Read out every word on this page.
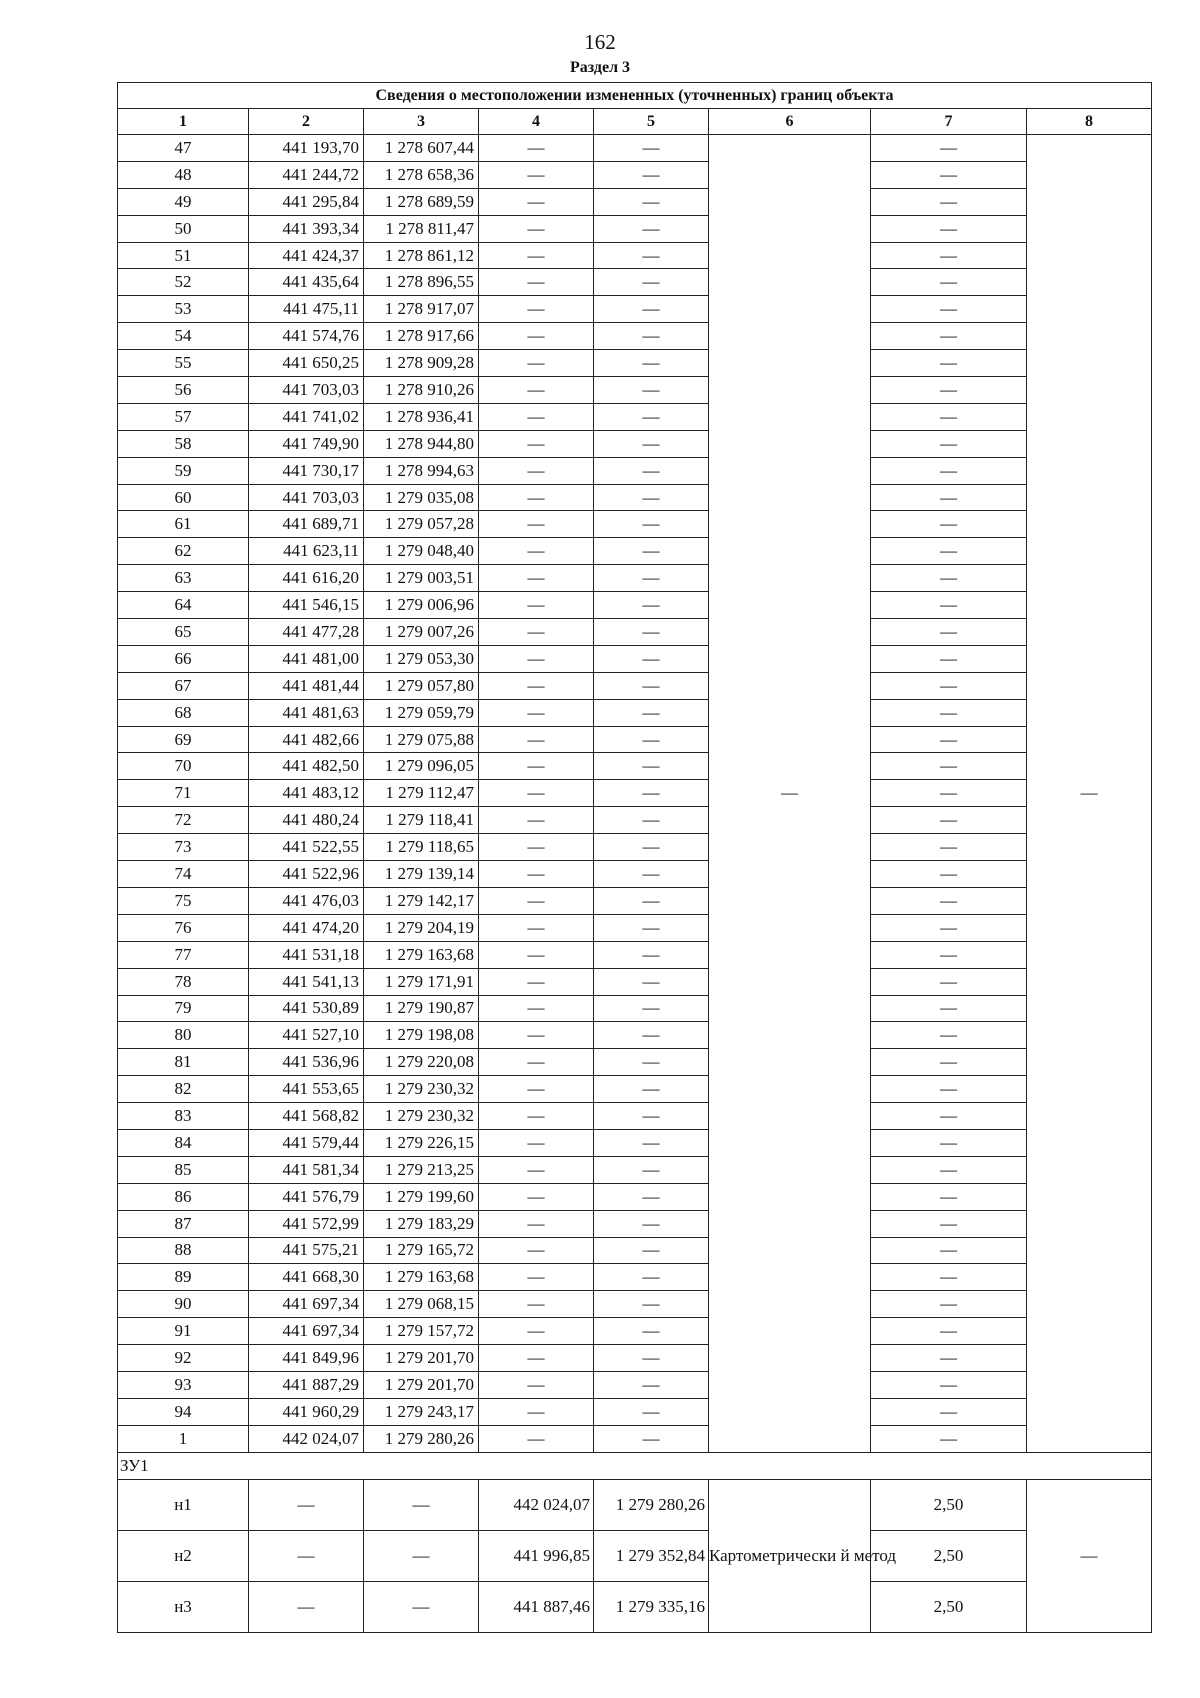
162
Раздел 3
Сведения о местоположении измененных (уточненных) границ объекта							
1	2	3	4	5	6	7	8
47	441 193,70	1 278 607,44	—	—	—	—	—
48	441 244,72	1 278 658,36	—	—		—	
49	441 295,84	1 278 689,59	—	—		—	
50	441 393,34	1 278 811,47	—	—		—	
51	441 424,37	1 278 861,12	—	—		—	
52	441 435,64	1 278 896,55	—	—		—	
53	441 475,11	1 278 917,07	—	—		—	
54	441 574,76	1 278 917,66	—	—		—	
55	441 650,25	1 278 909,28	—	—		—	
56	441 703,03	1 278 910,26	—	—		—	
57	441 741,02	1 278 936,41	—	—		—	
58	441 749,90	1 278 944,80	—	—		—	
59	441 730,17	1 278 994,63	—	—		—	
60	441 703,03	1 279 035,08	—	—		—	
61	441 689,71	1 279 057,28	—	—		—	
62	441 623,11	1 279 048,40	—	—		—	
63	441 616,20	1 279 003,51	—	—		—	
64	441 546,15	1 279 006,96	—	—		—	
65	441 477,28	1 279 007,26	—	—		—	
66	441 481,00	1 279 053,30	—	—		—	
67	441 481,44	1 279 057,80	—	—		—	
68	441 481,63	1 279 059,79	—	—		—	
69	441 482,66	1 279 075,88	—	—		—	
70	441 482,50	1 279 096,05	—	—		—	
71	441 483,12	1 279 112,47	—	—		—	
72	441 480,24	1 279 118,41	—	—		—	
73	441 522,55	1 279 118,65	—	—		—	
74	441 522,96	1 279 139,14	—	—		—	
75	441 476,03	1 279 142,17	—	—		—	
76	441 474,20	1 279 204,19	—	—		—	
77	441 531,18	1 279 163,68	—	—		—	
78	441 541,13	1 279 171,91	—	—		—	
79	441 530,89	1 279 190,87	—	—		—	
80	441 527,10	1 279 198,08	—	—		—	
81	441 536,96	1 279 220,08	—	—		—	
82	441 553,65	1 279 230,32	—	—		—	
83	441 568,82	1 279 230,32	—	—		—	
84	441 579,44	1 279 226,15	—	—		—	
85	441 581,34	1 279 213,25	—	—		—	
86	441 576,79	1 279 199,60	—	—		—	
87	441 572,99	1 279 183,29	—	—		—	
88	441 575,21	1 279 165,72	—	—		—	
89	441 668,30	1 279 163,68	—	—		—	
90	441 697,34	1 279 068,15	—	—		—	
91	441 697,34	1 279 157,72	—	—		—	
92	441 849,96	1 279 201,70	—	—		—	
93	441 887,29	1 279 201,70	—	—		—	
94	441 960,29	1 279 243,17	—	—		—	
1	442 024,07	1 279 280,26	—	—		—	
ЗУ1							
н1	—	—	442 024,07	1 279 280,26	Картометрически й метод	2,50	—
н2	—	—	441 996,85	1 279 352,84		2,50	
н3	—	—	441 887,46	1 279 335,16		2,50	
